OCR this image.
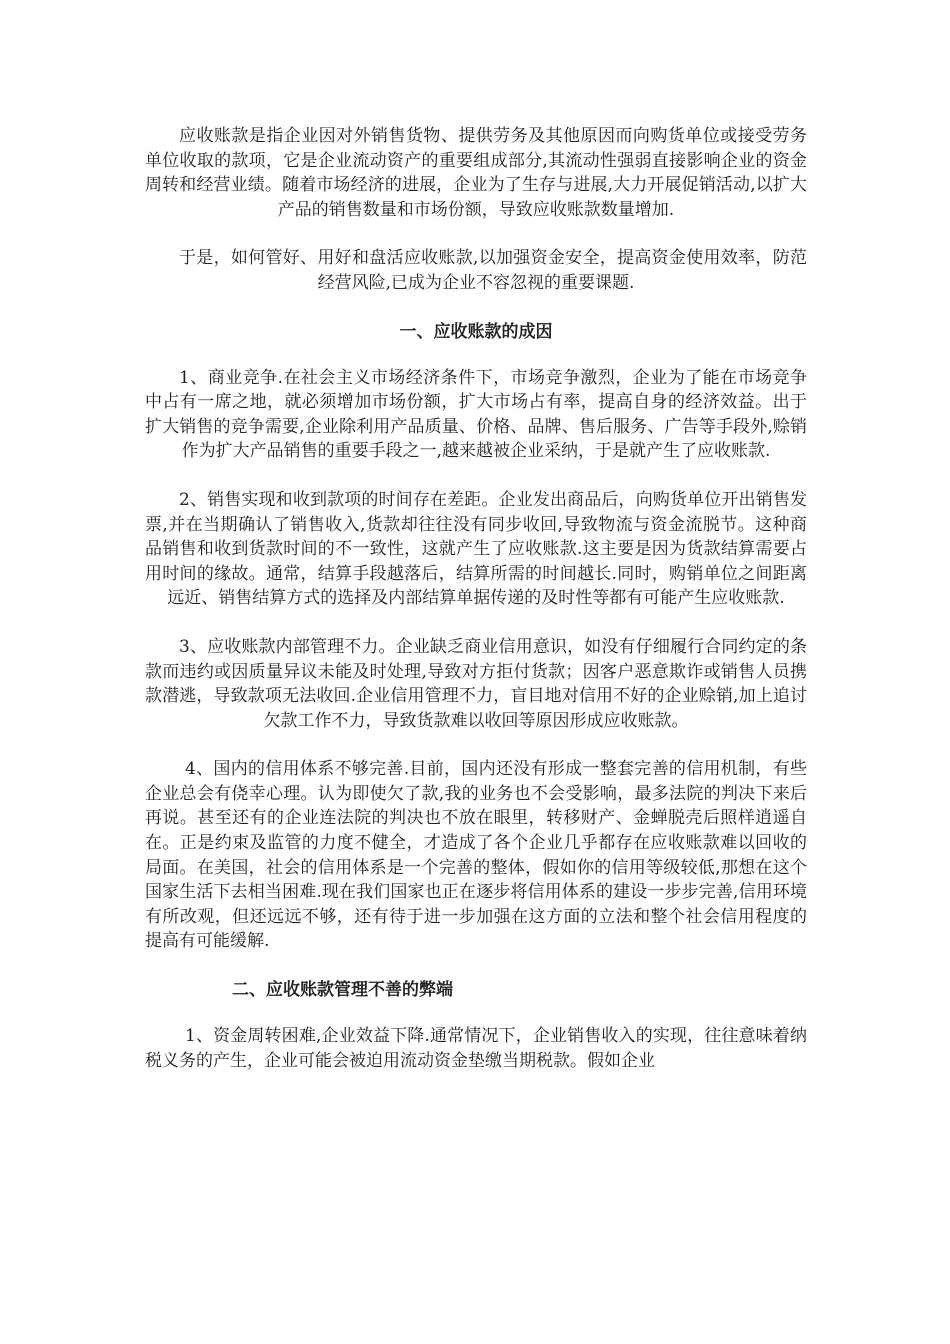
应收账款是指企业因对外销售货物、提供劳务及其他原因而向购货单位或接受劳务单位收取的款项，它是企业流动资产的重要组成部分,其流动性强弱直接影响企业的资金周转和经营业绩。随着市场经济的进展，企业为了生存与进展,大力开展促销活动,以扩大产品的销售数量和市场份额，导致应收账款数量增加.

于是，如何管好、用好和盘活应收账款,以加强资金安全，提高资金使用效率，防范经营风险,已成为企业不容忽视的重要课题.

一、应收账款的成因

1、商业竞争.在社会主义市场经济条件下，市场竞争激烈，企业为了能在市场竞争中占有一席之地，就必须增加市场份额，扩大市场占有率，提高自身的经济效益。出于扩大销售的竞争需要,企业除利用产品质量、价格、品牌、售后服务、广告等手段外,赊销作为扩大产品销售的重要手段之一,越来越被企业采纳，于是就产生了应收账款.

2、销售实现和收到款项的时间存在差距。企业发出商品后，向购货单位开出销售发票,并在当期确认了销售收入,货款却往往没有同步收回,导致物流与资金流脱节。这种商品销售和收到货款时间的不一致性，这就产生了应收账款.这主要是因为货款结算需要占用时间的缘故。通常，结算手段越落后，结算所需的时间越长.同时，购销单位之间距离远近、销售结算方式的选择及内部结算单据传递的及时性等都有可能产生应收账款.

3、应收账款内部管理不力。企业缺乏商业信用意识，如没有仔细履行合同约定的条款而违约或因质量异议未能及时处理,导致对方拒付货款；因客户恶意欺诈或销售人员携款潜逃，导致款项无法收回.企业信用管理不力，盲目地对信用不好的企业赊销,加上追讨欠款工作不力，导致货款难以收回等原因形成应收账款。

4、国内的信用体系不够完善.目前，国内还没有形成一整套完善的信用机制，有些企业总会有侥幸心理。认为即使欠了款,我的业务也不会受影响，最多法院的判决下来后再说。甚至还有的企业连法院的判决也不放在眼里，转移财产、金蝉脱壳后照样逍遥自在。正是约束及监管的力度不健全，才造成了各个企业几乎都存在应收账款难以回收的局面。在美国，社会的信用体系是一个完善的整体，假如你的信用等级较低,那想在这个国家生活下去相当困难.现在我们国家也正在逐步将信用体系的建设一步步完善,信用环境有所改观，但还远远不够，还有待于进一步加强在这方面的立法和整个社会信用程度的提高有可能缓解.

二、应收账款管理不善的弊端

1、资金周转困难,企业效益下降.通常情况下，企业销售收入的实现，往往意味着纳税义务的产生，企业可能会被迫用流动资金垫缴当期税款。假如企业
